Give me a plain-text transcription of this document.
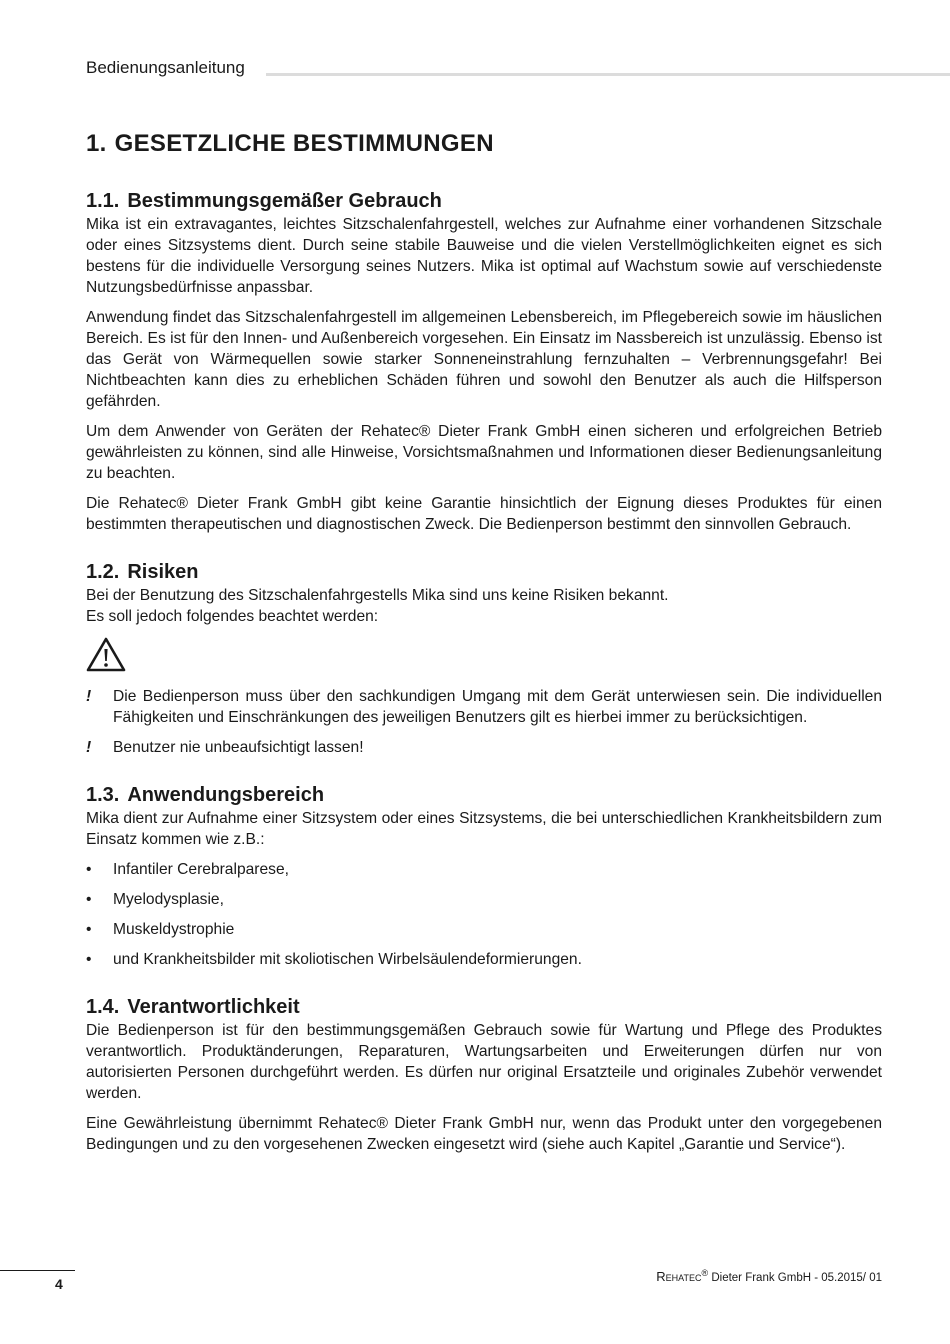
Bedienungsanleitung
1. GESETZLICHE BESTIMMUNGEN
1.1. Bestimmungsgemäßer Gebrauch

Mika ist ein extravagantes, leichtes Sitzschalenfahrgestell, welches zur Aufnahme einer vorhandenen Sitzschale oder eines Sitzsystems dient. Durch seine stabile Bauweise und die vielen Verstellmöglichkeiten eignet es sich bestens für die individuelle Versorgung seines Nutzers. Mika ist optimal auf Wachstum sowie auf verschiedenste Nutzungsbedürfnisse anpassbar.

Anwendung findet das Sitzschalenfahrgestell im allgemeinen Lebensbereich, im Pflegebereich sowie im häuslichen Bereich. Es ist für den Innen- und Außenbereich vorgesehen. Ein Einsatz im Nassbereich ist unzulässig. Ebenso ist das Gerät von Wärmequellen sowie starker Sonneneinstrahlung fernzuhalten – Verbrennungsgefahr! Bei Nichtbeachten kann dies zu erheblichen Schäden führen und sowohl den Benutzer als auch die Hilfsperson gefährden.

Um dem Anwender von Geräten der Rehatec® Dieter Frank GmbH einen sicheren und erfolgreichen Betrieb gewährleisten zu können, sind alle Hinweise, Vorsichtsmaßnahmen und Informationen dieser Bedienungsanleitung zu beachten.

Die Rehatec® Dieter Frank GmbH gibt keine Garantie hinsichtlich der Eignung dieses Produktes für einen bestimmten therapeutischen und diagnostischen Zweck. Die Bedienperson bestimmt den sinnvollen Gebrauch.

1.2. Risiken

Bei der Benutzung des Sitzschalenfahrgestells Mika sind uns keine Risiken bekannt.

Es soll jedoch folgendes beachtet werden:

! Die Bedienperson muss über den sachkundigen Umgang mit dem Gerät unterwiesen sein. Die individuellen Fähigkeiten und Einschränkungen des jeweiligen Benutzers gilt es hierbei immer zu berücksichtigen.
! Benutzer nie unbeaufsichtigt lassen!
1.3. Anwendungsbereich

Mika dient zur Aufnahme einer Sitzsystem oder eines Sitzsystems, die bei unterschiedlichen Krankheitsbildern zum Einsatz kommen wie z.B.:

• Infantiler Cerebralparese,
• Myelodysplasie,
• Muskeldystrophie
• und Krankheitsbilder mit skoliotischen Wirbelsäulendeformierungen.
1.4. Verantwortlichkeit

Die Bedienperson ist für den bestimmungsgemäßen Gebrauch sowie für Wartung und Pflege des Produktes verantwortlich. Produktänderungen, Reparaturen, Wartungsarbeiten und Erweiterungen dürfen nur von autorisierten Personen durchgeführt werden. Es dürfen nur original Ersatzteile und originales Zubehör verwendet werden.

Eine Gewährleistung übernimmt Rehatec® Dieter Frank GmbH nur, wenn das Produkt unter den vorgegebenen Bedingungen und zu den vorgesehenen Zwecken eingesetzt wird (siehe auch Kapitel „Garantie und Service“).

4	Rehatec® Dieter Frank GmbH - 05.2015/ 01
